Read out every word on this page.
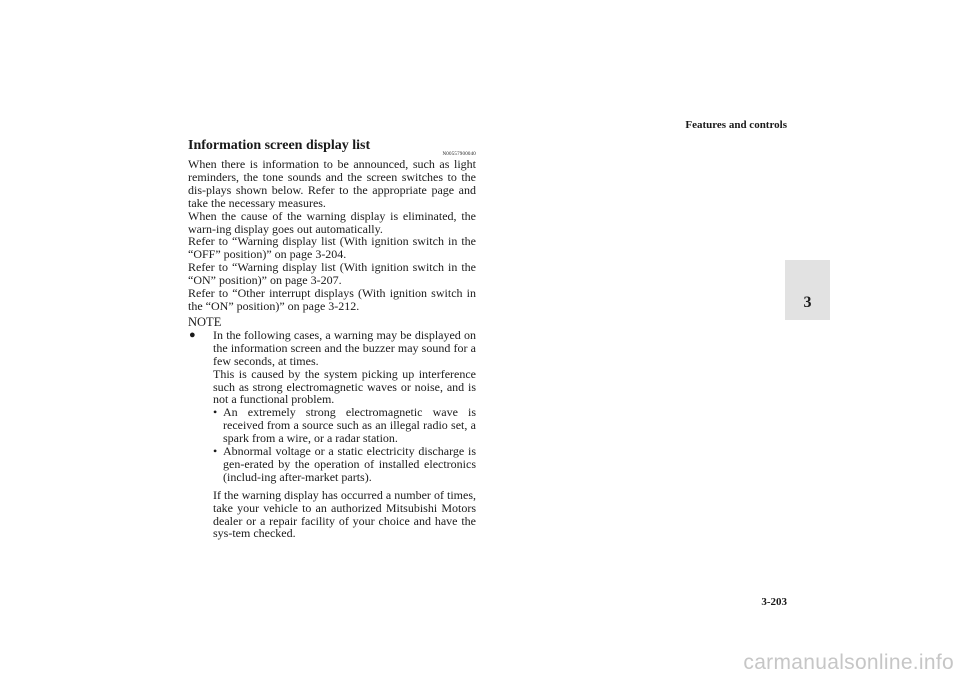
Features and controls
3
Information screen display list
N00557900040

When there is information to be announced, such as light reminders, the tone sounds and the screen switches to the dis-plays shown below. Refer to the appropriate page and take the necessary measures.

When the cause of the warning display is eliminated, the warn-ing display goes out automatically.

Refer to “Warning display list (With ignition switch in the “OFF” position)” on page 3-204.

Refer to “Warning display list (With ignition switch in the “ON” position)” on page 3-207.

Refer to “Other interrupt displays (With ignition switch in the “ON” position)” on page 3-212.

NOTE
●	In the following cases, a warning may be displayed on the information screen and the buzzer may sound for a few seconds, at times.
This is caused by the system picking up interference such as strong electromagnetic waves or noise, and is not a functional problem.
• An extremely strong electromagnetic wave is received from a source such as an illegal radio set, a spark from a wire, or a radar station.
• Abnormal voltage or a static electricity discharge is gen-erated by the operation of installed electronics (includ-ing after-market parts).
If the warning display has occurred a number of times, take your vehicle to an authorized Mitsubishi Motors dealer or a repair facility of your choice and have the sys-tem checked.
3-203
carmanualsonline.info
